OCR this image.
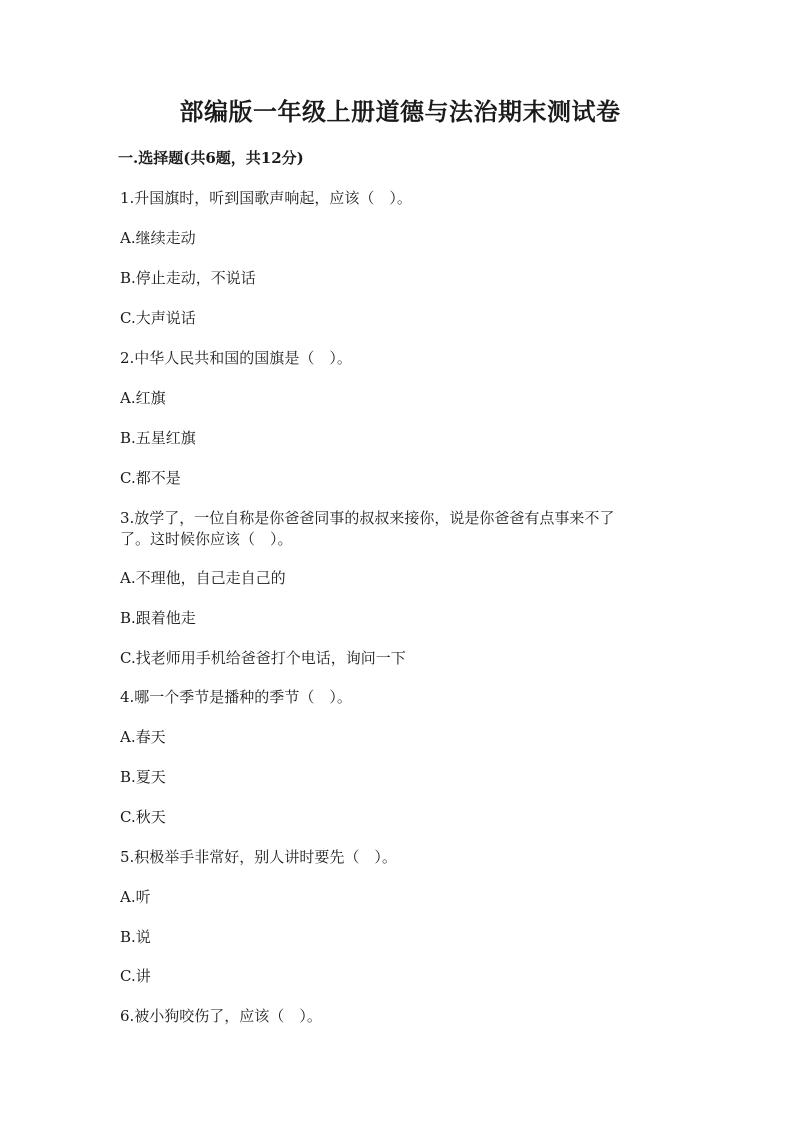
部编版一年级上册道德与法治期末测试卷
一.选择题(共6题，共12分)
1.升国旗时，听到国歌声响起，应该（　）。
A.继续走动
B.停止走动，不说话
C.大声说话
2.中华人民共和国的国旗是（　）。
A.红旗
B.五星红旗
C.都不是
3.放学了，一位自称是你爸爸同事的叔叔来接你，说是你爸爸有点事来不了
了。这时候你应该（　）。
A.不理他，自己走自己的
B.跟着他走
C.找老师用手机给爸爸打个电话，询问一下
4.哪一个季节是播种的季节（　）。
A.春天
B.夏天
C.秋天
5.积极举手非常好，别人讲时要先（　）。
A.听
B.说
C.讲
6.被小狗咬伤了，应该（　）。
